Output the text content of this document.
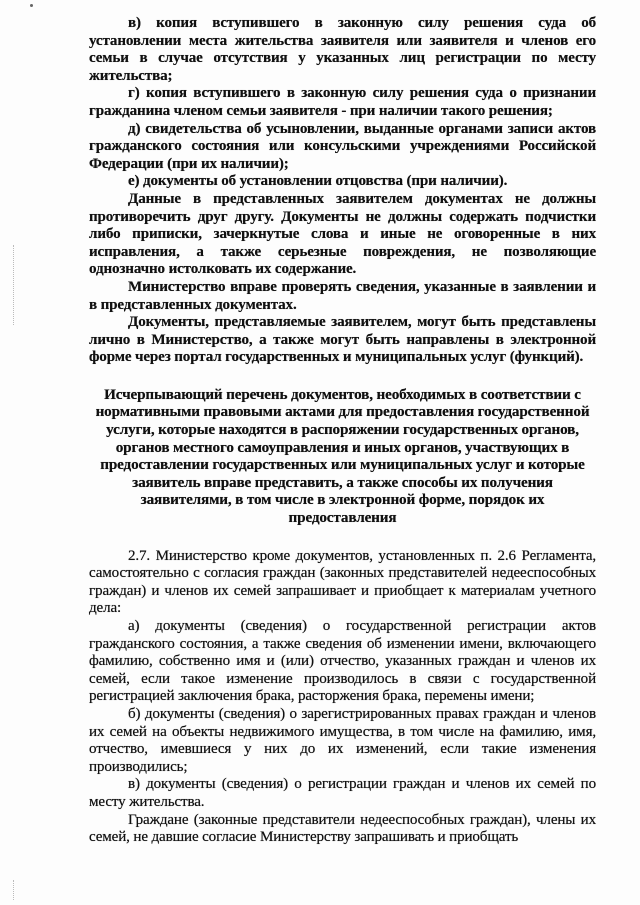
в) копия вступившего в законную силу решения суда об установлении места жительства заявителя или заявителя и членов его семьи в случае отсутствия у указанных лиц регистрации по месту жительства;

г) копия вступившего в законную силу решения суда о признании гражданина членом семьи заявителя - при наличии такого решения;

д) свидетельства об усыновлении, выданные органами записи актов гражданского состояния или консульскими учреждениями Российской Федерации (при их наличии);

е) документы об установлении отцовства (при наличии).

Данные в представленных заявителем документах не должны противоречить друг другу. Документы не должны содержать подчистки либо приписки, зачеркнутые слова и иные не оговоренные в них исправления, а также серьезные повреждения, не позволяющие однозначно истолковать их содержание.

Министерство вправе проверять сведения, указанные в заявлении и в представленных документах.

Документы, представляемые заявителем, могут быть представлены лично в Министерство, а также могут быть направлены в электронной форме через портал государственных и муниципальных услуг (функций).

Исчерпывающий перечень документов, необходимых в соответствии с нормативными правовыми актами для предоставления государственной услуги, которые находятся в распоряжении государственных органов, органов местного самоуправления и иных органов, участвующих в предоставлении государственных или муниципальных услуг и которые заявитель вправе представить, а также способы их получения заявителями, в том числе в электронной форме, порядок их предоставления

2.7. Министерство кроме документов, установленных п. 2.6 Регламента, самостоятельно с согласия граждан (законных представителей недееспособных граждан) и членов их семей запрашивает и приобщает к материалам учетного дела:

а) документы (сведения) о государственной регистрации актов гражданского состояния, а также сведения об изменении имени, включающего фамилию, собственно имя и (или) отчество, указанных граждан и членов их семей, если такое изменение производилось в связи с государственной регистрацией заключения брака, расторжения брака, перемены имени;

б) документы (сведения) о зарегистрированных правах граждан и членов их семей на объекты недвижимого имущества, в том числе на фамилию, имя, отчество, имевшиеся у них до их изменений, если такие изменения производились;

в) документы (сведения) о регистрации граждан и членов их семей по месту жительства.

Граждане (законные представители недееспособных граждан), члены их семей, не давшие согласие Министерству запрашивать и приобщать
